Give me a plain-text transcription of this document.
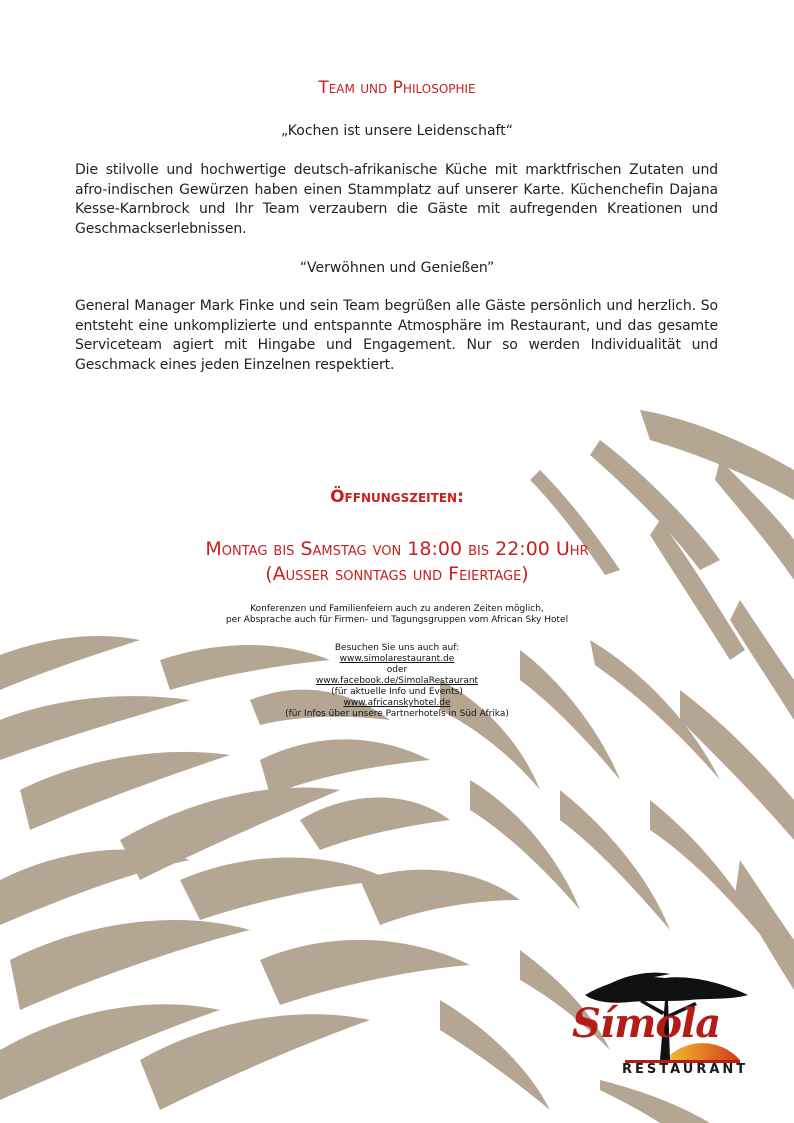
Team und Philosophie

„Kochen ist unsere Leidenschaft“

Die stilvolle und hochwertige deutsch-afrikanische Küche mit marktfrischen Zutaten und afro-indischen Gewürzen haben einen Stammplatz auf unserer Karte. Küchenchefin Dajana Kesse-Karnbrock und Ihr Team verzaubern die Gäste mit aufregenden Kreationen und Geschmackserlebnissen.

“Verwöhnen und Genießen”

General Manager Mark Finke und sein Team begrüßen alle Gäste persönlich und herzlich. So entsteht eine unkomplizierte und entspannte Atmosphäre im Restaurant, und das gesamte Serviceteam agiert mit Hingabe und Engagement. Nur so werden Individualität und Geschmack eines jeden Einzelnen respektiert.

Öffnungszeiten:

Montag bis Samstag von 18:00 bis 22:00 Uhr

(Außer sonntags und Feiertage)

Konferenzen und Familienfeiern auch zu anderen Zeiten möglich,
per Absprache auch für Firmen- und Tagungsgruppen vom African Sky Hotel
Besuchen Sie uns auch auf:
www.simolarestaurant.de
oder
www.facebook.de/SimolaRestaurant
(für aktuelle Info und Events)
www.africanskyhotel.de
(für Infos über unsere Partnerhotels in Süd Afrika)
Símola
RESTAURANT
